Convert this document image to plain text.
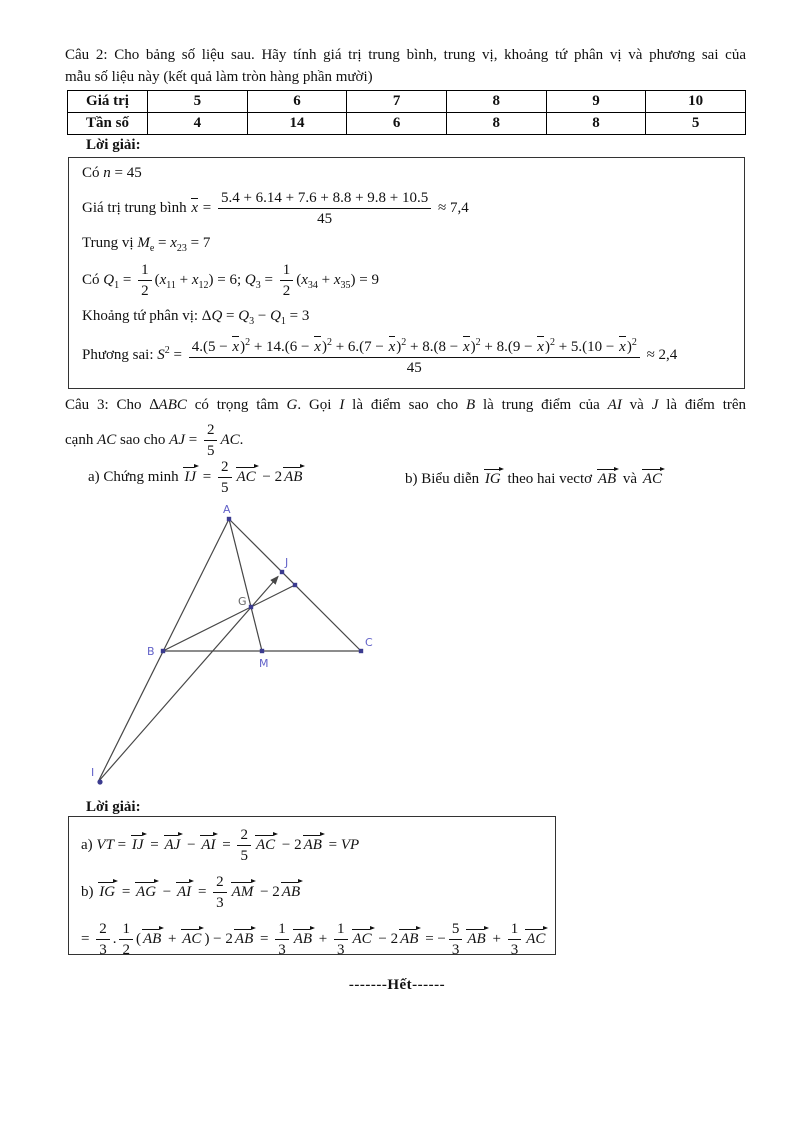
Câu 2: Cho bảng số liệu sau. Hãy tính giá trị trung bình, trung vị, khoảng tứ phân vị và phương sai của
mẫu số liệu này (kết quả làm tròn hàng phần mười)
Giá trị	5	6	7	8	9	10
Tần số	4	14	6	8	8	5
Lời giải:
Có n = 45
Giá trị trung bình $x = \frac{5.4 + 6.14 + 7.6 + 8.8 + 9.8 + 10.5}{45} \approx 7,4$
Trung vị $M_e = x_{23} = 7$
Có $Q_1 = \frac{1}{2} (x_{11} + x_{12}) = 6$; $Q_3 = \frac{1}{2} (x_{34} + x_{35}) = 9$
Khoảng tứ phân vị: $\Delta Q = Q_3 - Q_1 = 3$
Phương sai: $S^2 = 4.(5 - x)^2 + 14.(6 - x)^2 + 6.(7 - x)^2 + 8.(8 - x)^2 + 8.(9 - x)^2 + 5.(10 - x)^2$
45
≈ 2,4
Câu 3: Cho ∆ABC có trọng tâm G. Gọi I là điểm sao cho B là trung điểm của AI và J là điểm trên
cạnh AC sao cho AJ = $\frac{2}{5}$ AC.
a) Chứng minh IJ = $\frac{2}{5}$ AC − 2 AB	b) Biểu diễn IG theo hai vectơ AB và AC
A
B
C
M
J
I
G
Lời giải:
a) VT = IJ = AJ − AI = $\frac{2}{5}$ AC − 2 AB = VP
b) IG = AG − AI = $\frac{2}{3}$ AM − 2 AB
= $\frac{2}{3}$ . $\frac{1}{2}$ ( AB + AC ) − 2 AB = $\frac{1}{3}$ AB + $\frac{1}{3}$ AC − 2 AB = − $\frac{5}{3}$ AB + $\frac{1}{3}$ AC
-------Hết------
